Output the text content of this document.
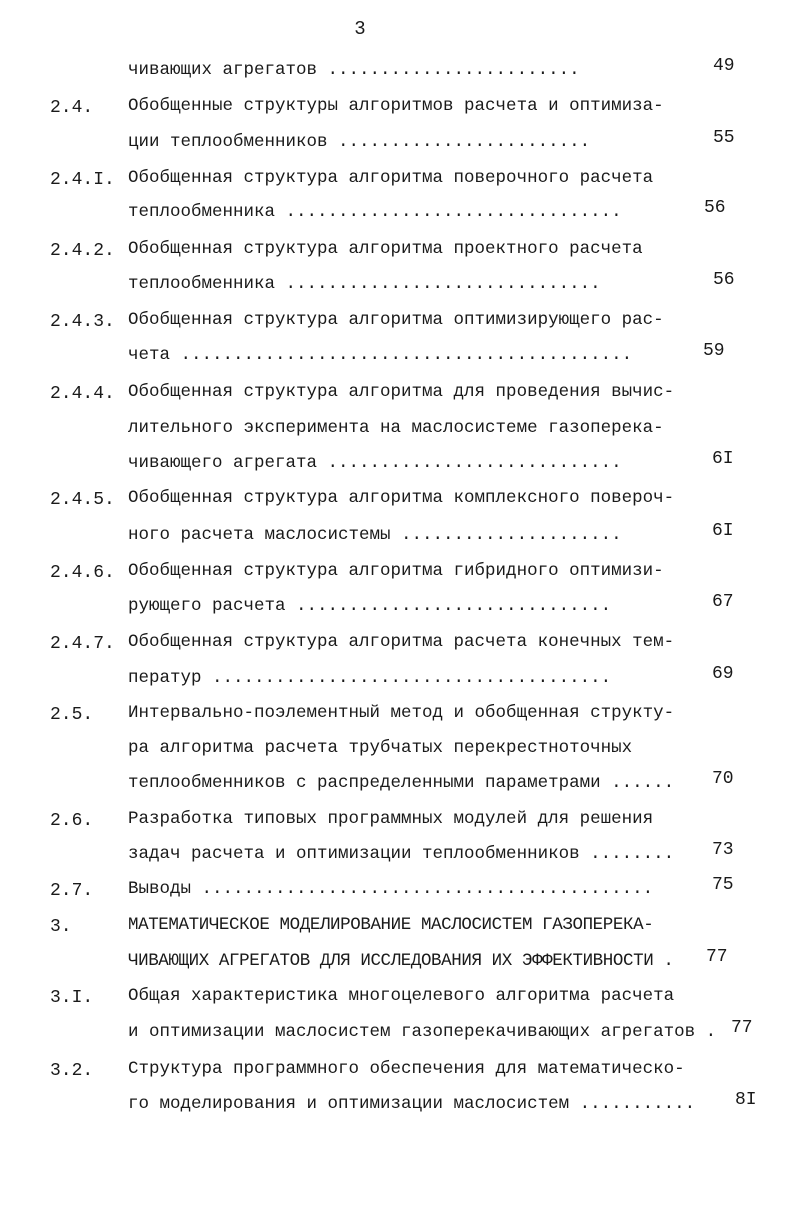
3
чивающих агрегатов ........................	49
2.4. Обобщенные структуры алгоритмов расчета и оптимиза-
ции теплообменников ........................	55
2.4.I. Обобщенная структура алгоритма поверочного расчета
теплообменника ................................	56
2.4.2. Обобщенная структура алгоритма проектного расчета
теплообменника ..............................	56
2.4.3. Обобщенная структура алгоритма оптимизирующего рас-
чета ...........................................	59
2.4.4. Обобщенная структура алгоритма для проведения вычис-
лительного эксперимента на маслосистеме газоперека-
чивающего агрегата ............................	6I
2.4.5. Обобщенная структура алгоритма комплексного повероч-
ного расчета маслосистемы .....................	6I
2.4.6. Обобщенная структура алгоритма гибридного оптимизи-
рующего расчета ..............................	67
2.4.7. Обобщенная структура алгоритма расчета конечных тем-
ператур ......................................	69
2.5. Интервально-поэлементный метод и обобщенная структу-
ра алгоритма расчета трубчатых перекрестноточных
теплообменников с распределенными параметрами ...... 70
2.6. Разработка типовых программных модулей для решения
задач расчета и оптимизации теплообменников ........ 73
2.7. Выводы ...........................................	75
3.	МАТЕМАТИЧЕСКОЕ МОДЕЛИРОВАНИЕ МАСЛОСИСТЕМ ГАЗОПЕРЕКА-
ЧИВАЮЩИХ АГРЕГАТОВ ДЛЯ ИССЛЕДОВАНИЯ ИХ ЭФФЕКТИВНОСТИ . 77
3.I. Общая характеристика многоцелевого алгоритма расчета
и оптимизации маслосистем газоперекачивающих агрегатов . 77
3.2. Структура программного обеспечения для математическо-
го моделирования и оптимизации маслосистем ........... 8I
